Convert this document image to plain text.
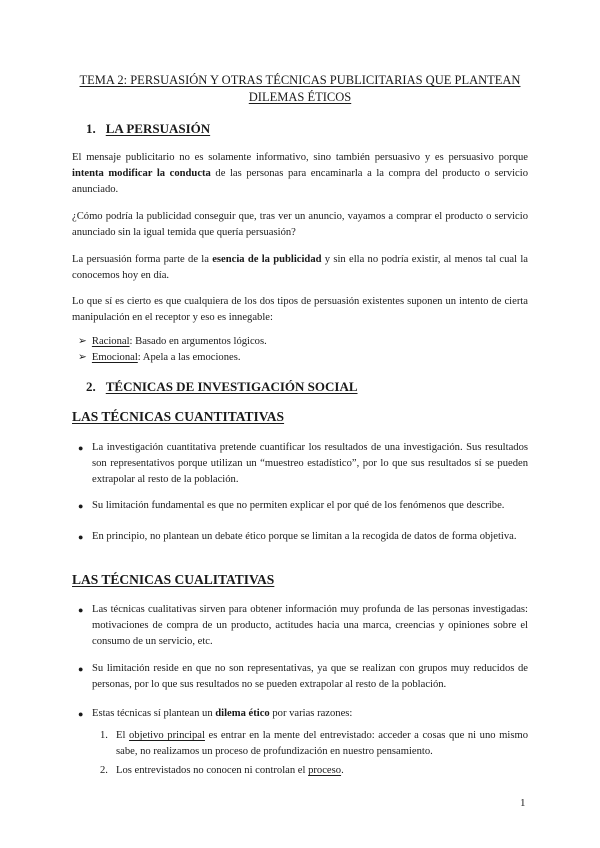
TEMA 2: PERSUASIÓN Y OTRAS TÉCNICAS PUBLICITARIAS QUE PLANTEAN
DILEMAS ÉTICOS
1. LA PERSUASIÓN
El mensaje publicitario no es solamente informativo, sino también persuasivo y es persuasivo porque intenta modificar la conducta de las personas para encaminarla a la compra del producto o servicio anunciado.
¿Cómo podría la publicidad conseguir que, tras ver un anuncio, vayamos a comprar el producto o servicio anunciado sin la igual temida que quería persuasión?
La persuasión forma parte de la esencia de la publicidad y sin ella no podría existir, al menos tal cual la conocemos hoy en día.
Lo que sí es cierto es que cualquiera de los dos tipos de persuasión existentes suponen un intento de cierta manipulación en el receptor y eso es innegable:
➢ Racional: Basado en argumentos lógicos.
➢ Emocional: Apela a las emociones.
2. TÉCNICAS DE INVESTIGACIÓN SOCIAL
LAS TÉCNICAS CUANTITATIVAS
● La investigación cuantitativa pretende cuantificar los resultados de una investigación. Sus resultados son representativos porque utilizan un “muestreo estadístico”, por lo que sus resultados sí se pueden extrapolar al resto de la población.
● Su limitación fundamental es que no permiten explicar el por qué de los fenómenos que describe.
● En principio, no plantean un debate ético porque se limitan a la recogida de datos de forma objetiva.
LAS TÉCNICAS CUALITATIVAS
● Las técnicas cualitativas sirven para obtener información muy profunda de las personas investigadas: motivaciones de compra de un producto, actitudes hacia una marca, creencias y opiniones sobre el consumo de un servicio, etc.
● Su limitación reside en que no son representativas, ya que se realizan con grupos muy reducidos de personas, por lo que sus resultados no se pueden extrapolar al resto de la población.
● Estas técnicas sí plantean un dilema ético por varias razones:
1. El objetivo principal es entrar en la mente del entrevistado: acceder a cosas que ni uno mismo sabe, no realizamos un proceso de profundización en nuestro pensamiento.
2. Los entrevistados no conocen ni controlan el proceso.
1
